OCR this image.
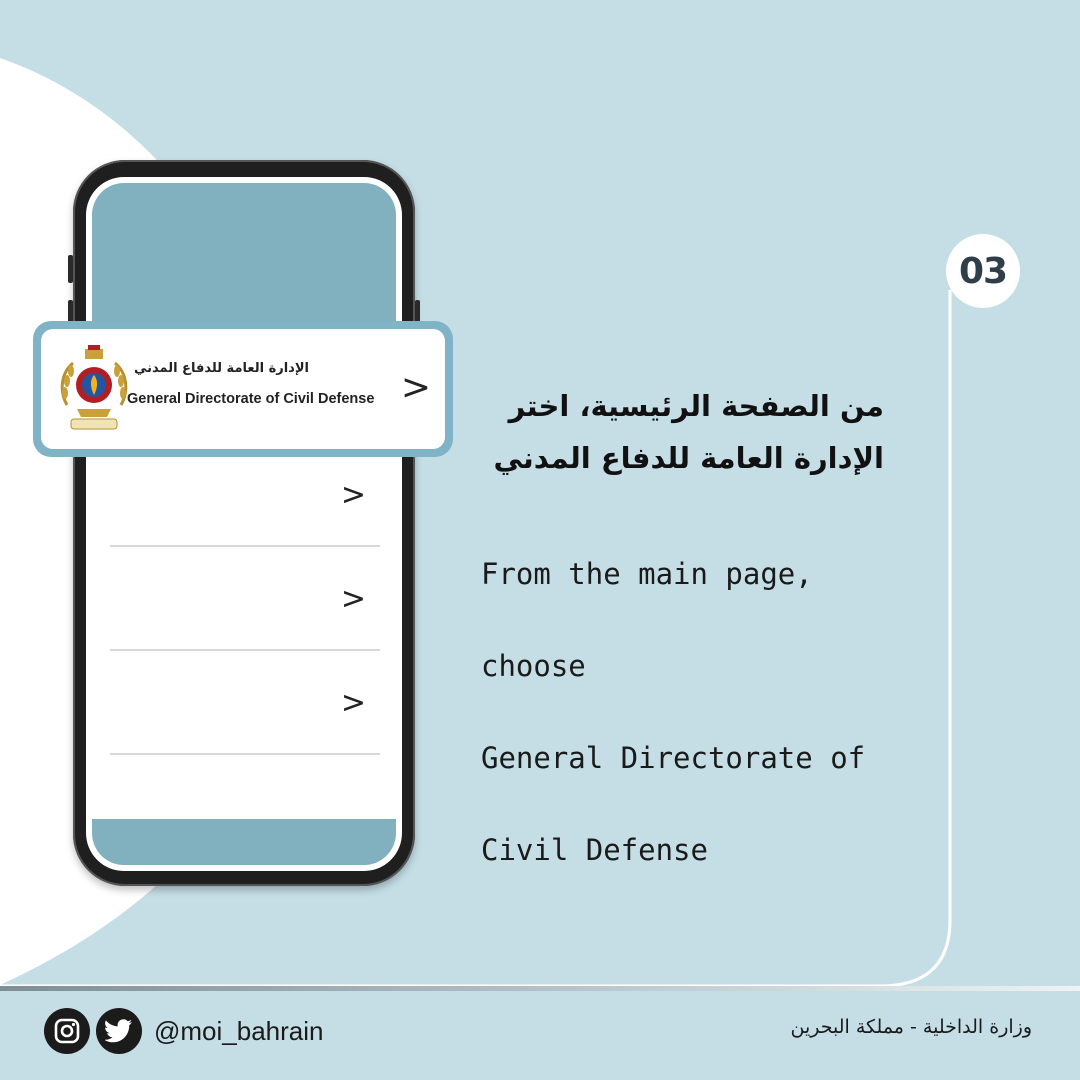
>
>
>
الإدارة العامة للدفاع المدني
General Directorate of Civil Defense >
03
من الصفحة الرئيسية، اختر
الإدارة العامة للدفاع المدني

From the main page,

choose

General Directorate of

Civil Defense

@moi_bahrain	وزارة الداخلية - مملكة البحرين
